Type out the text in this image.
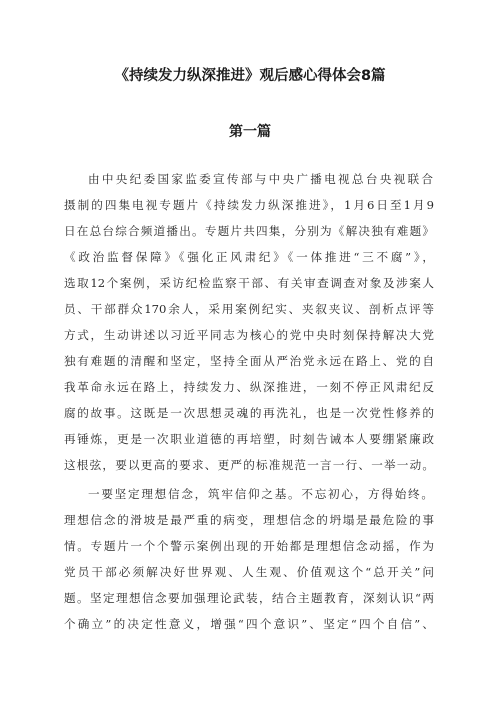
《持续发力纵深推进》观后感心得体会8篇
第一篇
由中央纪委国家监委宣传部与中央广播电视总台央视联合
摄制的四集电视专题片《持续发力纵深推进》，1月6日至1月9
日在总台综合频道播出。专题片共四集，分别为《解决独有难题》
《政治监督保障》《强化正风肃纪》《一体推进“三不腐”》，
选取12个案例，采访纪检监察干部、有关审查调查对象及涉案人
员、干部群众170余人，采用案例纪实、夹叙夹议、剖析点评等
方式，生动讲述以习近平同志为核心的党中央时刻保持解决大党
独有难题的清醒和坚定，坚持全面从严治党永远在路上、党的自
我革命永远在路上，持续发力、纵深推进，一刻不停正风肃纪反
腐的故事。这既是一次思想灵魂的再洗礼，也是一次党性修养的
再锤炼，更是一次职业道德的再培塑，时刻告诫本人要绷紧廉政
这根弦，要以更高的要求、更严的标准规范一言一行、一举一动。
一要坚定理想信念，筑牢信仰之基。不忘初心，方得始终。
理想信念的滑坡是最严重的病变，理想信念的坍塌是最危险的事
情。专题片一个个警示案例出现的开始都是理想信念动摇，作为
党员干部必须解决好世界观、人生观、价值观这个“总开关”问
题。坚定理想信念要加强理论武装，结合主题教育，深刻认识“两
个确立”的决定性意义，增强“四个意识”、坚定“四个自信”、
